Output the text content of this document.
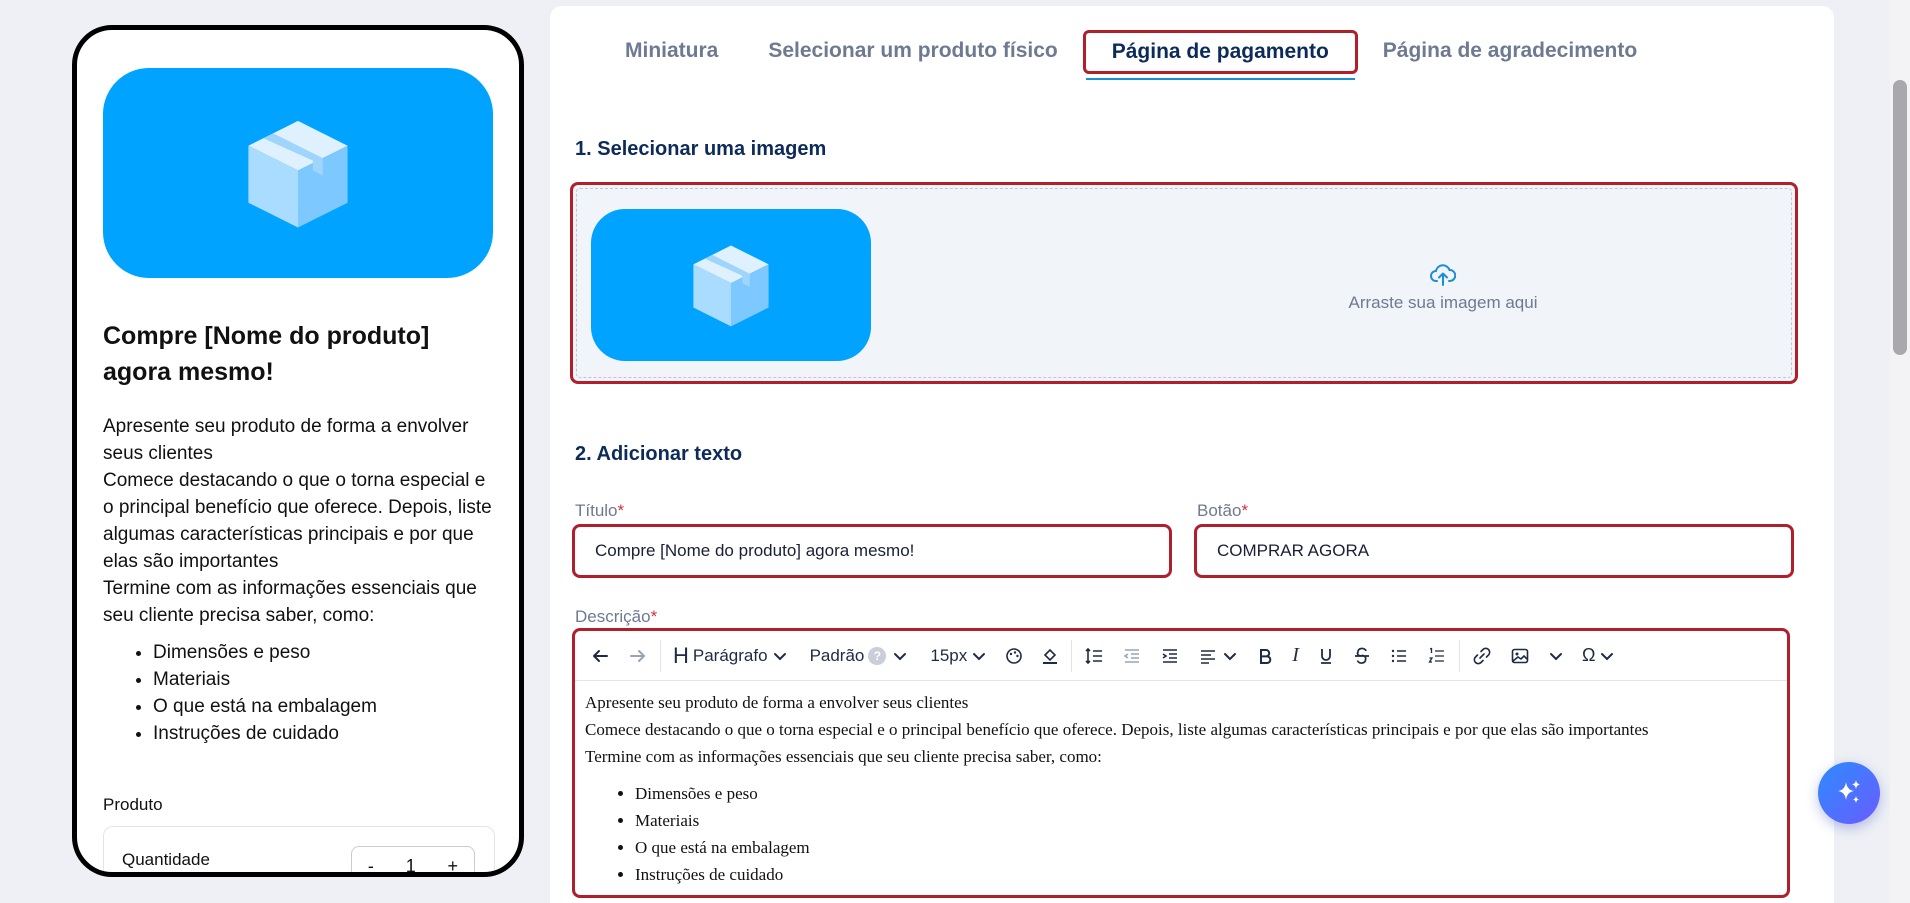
Compre [Nome do produto] agora mesmo!

Apresente seu produto de forma a envolver seus clientes

Comece destacando o que o torna especial e o principal benefício que oferece. Depois, liste algumas características principais e por que elas são importantes

Termine com as informações essenciais que seu cliente precisa saber, como:

• Dimensões e peso
• Materiais
• O que está na embalagem
• Instruções de cuidado
Produto
Quantidade	- 1 +
Miniatura	Selecionar um produto físico	Página de pagamento	Página de agradecimento
1. Selecionar uma imagem
Arraste sua imagem aqui
2. Adicionar texto
Título*
Compre [Nome do produto] agora mesmo!	Botão*
COMPRAR AGORA
Descrição*
H Parágrafo Padrão ?	15px	I	Ω
Apresente seu produto de forma a envolver seus clientes
Comece destacando o que o torna especial e o principal benefício que oferece. Depois, liste algumas características principais e por que elas são importantes
Termine com as informações essenciais que seu cliente precisa saber, como:
• Dimensões e peso
• Materiais
• O que está na embalagem
• Instruções de cuidado
